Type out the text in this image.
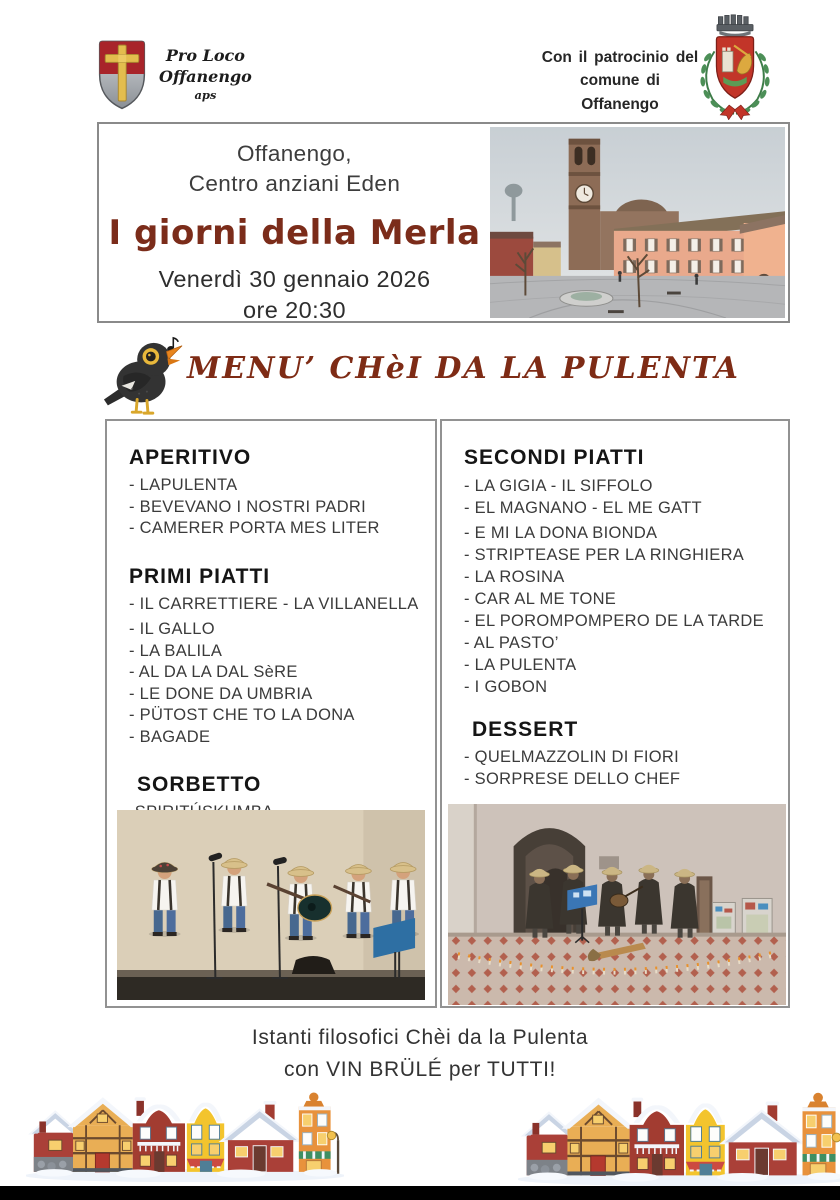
Pro Loco
Offanengo
aps
Con il patrocinio del
comune di Offanengo
Offanengo,
Centro anziani Eden
I giorni della Merla
Venerdì 30 gennaio 2026
ore 20:30
MENU’ CHèI DA LA PULENTA
APERITIVO
- LAPULENTA
- BEVEVANO I NOSTRI PADRI
- CAMERER PORTA MES LITER
PRIMI PIATTI
- IL CARRETTIERE - LA VILLANELLA
- IL GALLO
- LA BALILA
- AL DA LA DAL SèRE
- LE DONE DA UMBRIA
- PÜTOST CHE TO LA DONA
- BAGADE
SORBETTO
SECONDI PIATTI
- LA GIGIA - IL SIFFOLO
- EL MAGNANO - EL ME GATT
- E MI LA DONA BIONDA
- STRIPTEASE PER LA RINGHIERA
- LA ROSINA
- CAR AL ME TONE
- EL POROMPOMPERO DE LA TARDE
- AL PASTO’
- LA PULENTA
- I GOBON
DESSERT
- QUELMAZZOLIN DI FIORI
- SORPRESE DELLO CHEF
Istanti filosofici Chèi da la Pulenta
con VIN BRÜLÉ per TUTTI!
